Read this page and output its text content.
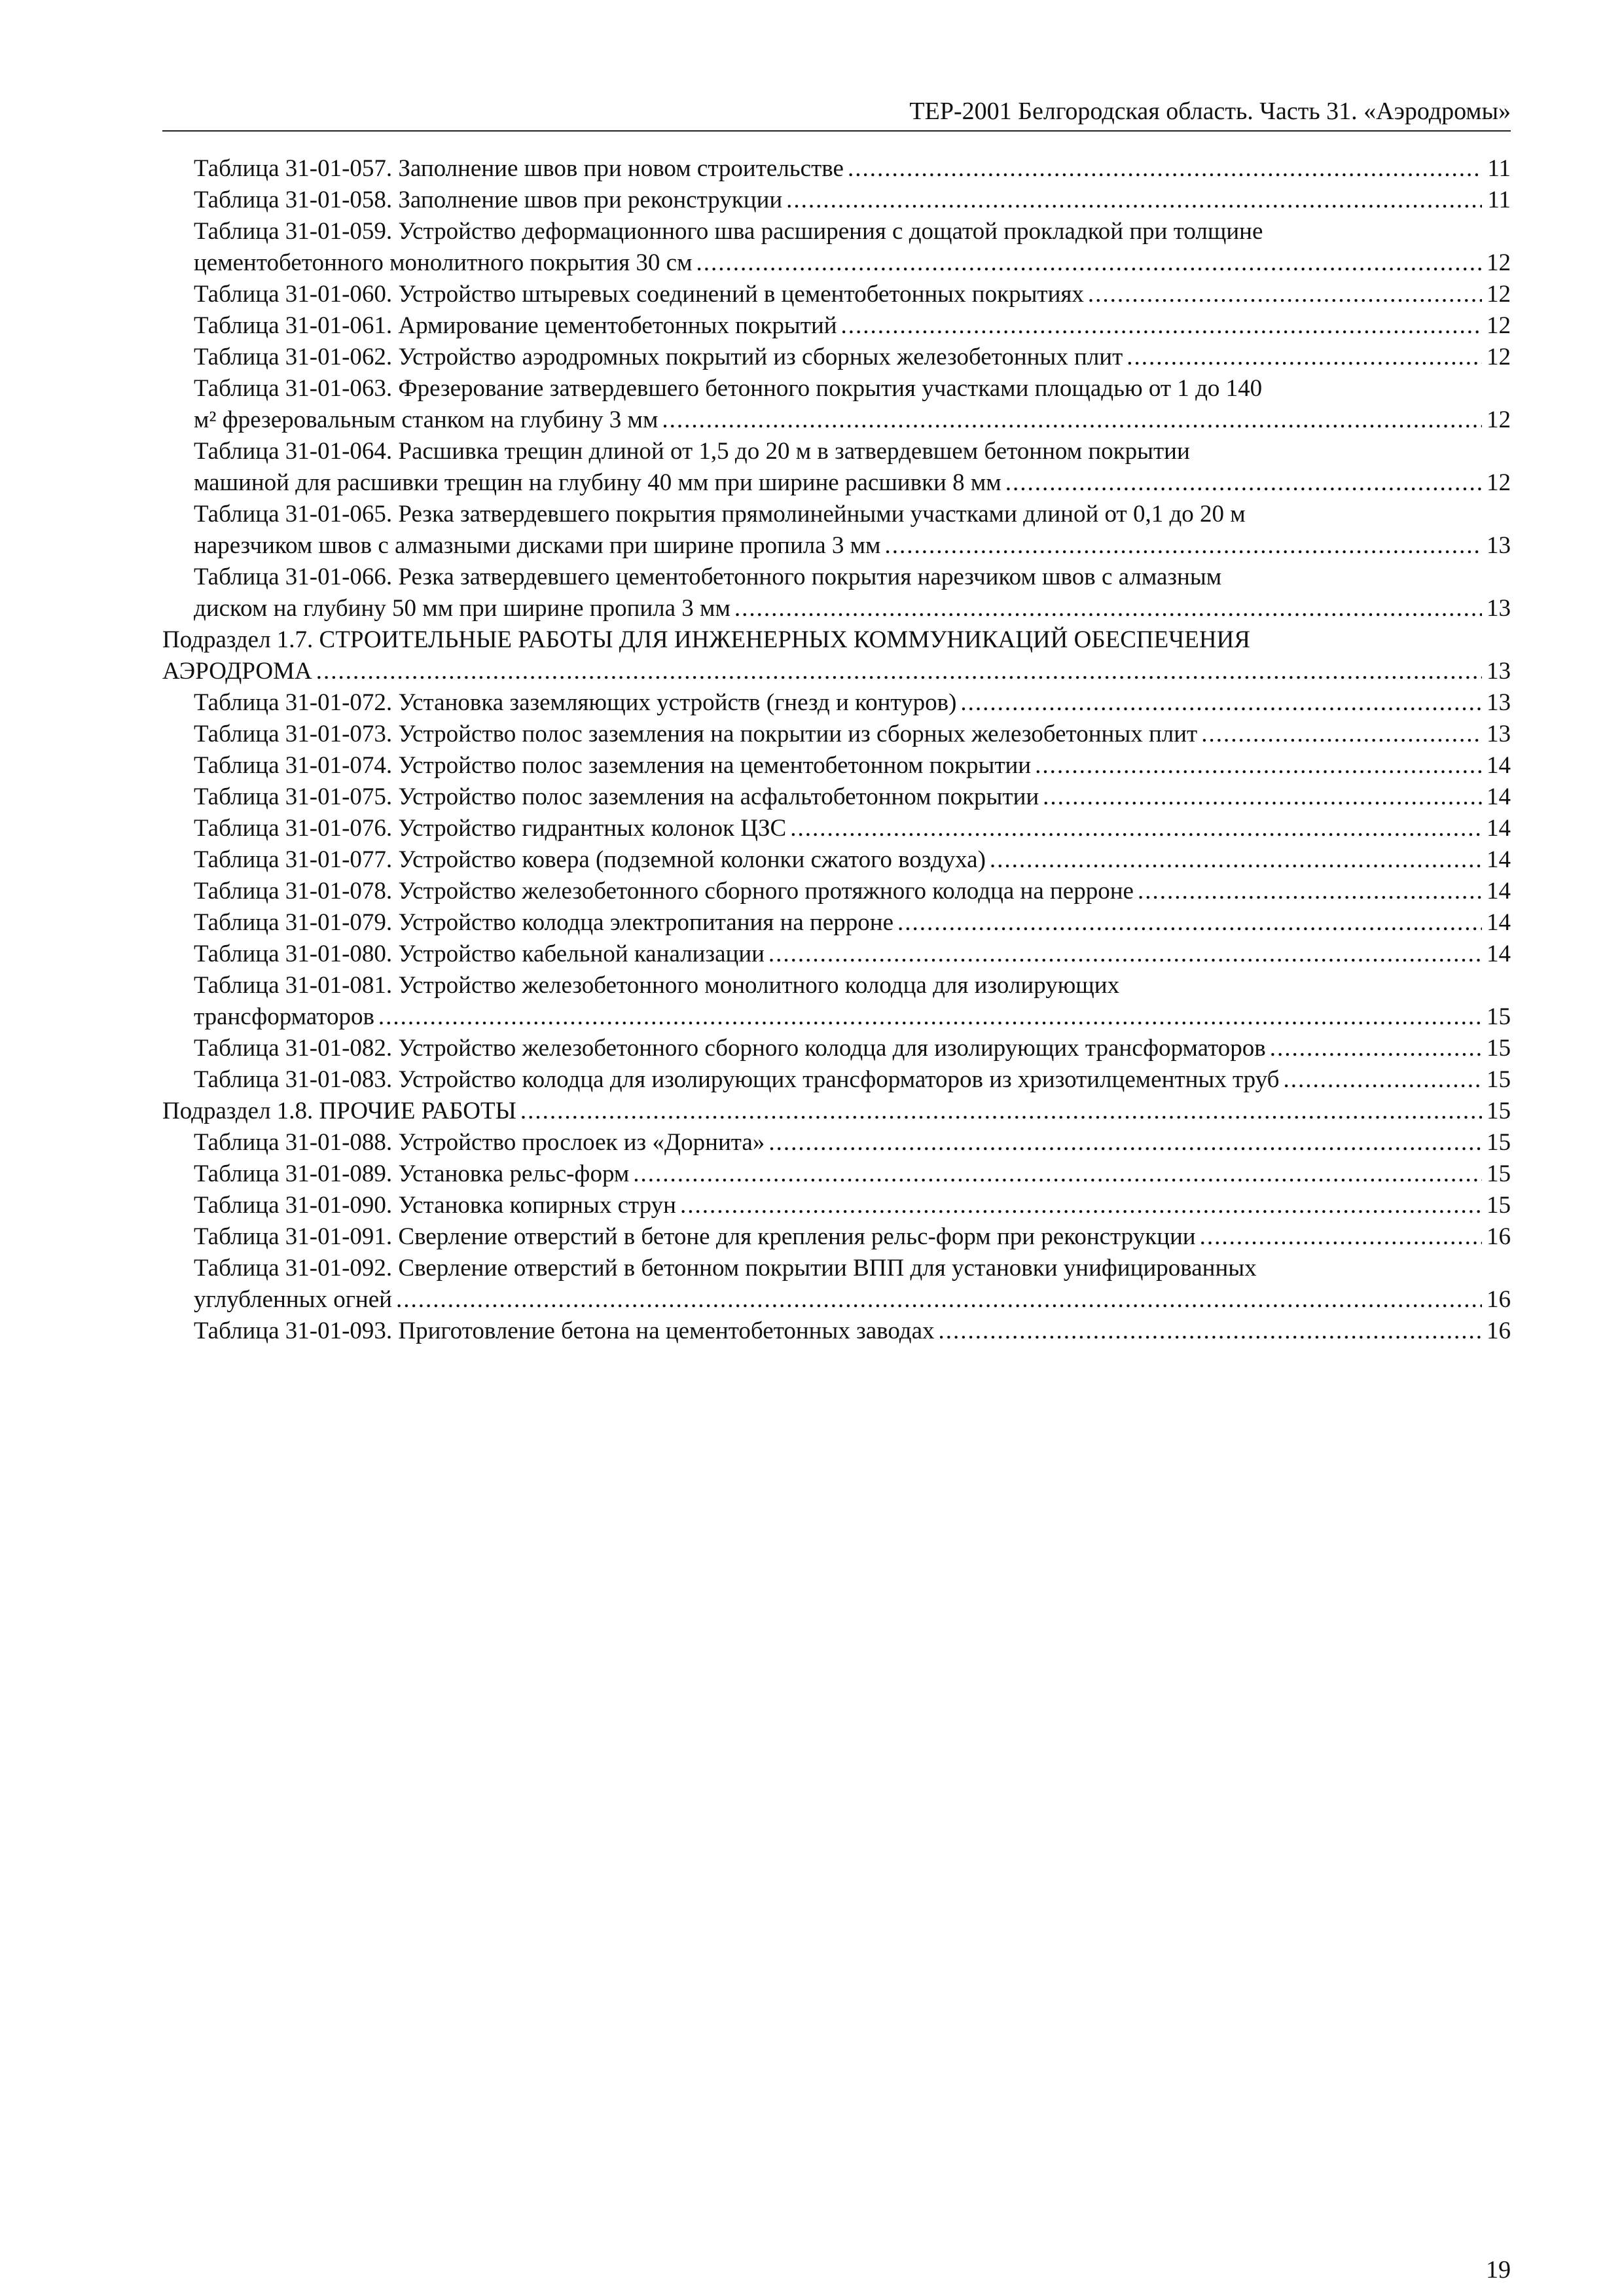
ТЕР-2001 Белгородская область. Часть 31. «Аэродромы»
Таблица 31-01-057. Заполнение швов при новом строительстве .....	11
Таблица 31-01-058. Заполнение швов при реконструкции .....	11
Таблица 31-01-059. Устройство деформационного шва расширения с дощатой прокладкой при толщине
цементобетонного монолитного покрытия 30 см .....	12
Таблица 31-01-060. Устройство штыревых соединений в цементобетонных покрытиях .....	12
Таблица 31-01-061. Армирование цементобетонных покрытий .....	12
Таблица 31-01-062. Устройство аэродромных покрытий из сборных железобетонных плит .....	12
Таблица 31-01-063. Фрезерование затвердевшего бетонного покрытия участками площадью от 1 до 140
м² фрезеровальным станком на глубину 3 мм .....	12
Таблица 31-01-064. Расшивка трещин длиной от 1,5 до 20 м в затвердевшем бетонном покрытии
машиной для расшивки трещин на глубину 40 мм при ширине расшивки 8 мм .....	12
Таблица 31-01-065. Резка затвердевшего покрытия прямолинейными участками длиной от 0,1 до 20 м
нарезчиком швов с алмазными дисками при ширине пропила 3 мм .....	13
Таблица 31-01-066. Резка затвердевшего цементобетонного покрытия нарезчиком швов с алмазным
диском на глубину 50 мм при ширине пропила 3 мм .....	13
Подраздел 1.7. СТРОИТЕЛЬНЫЕ РАБОТЫ ДЛЯ ИНЖЕНЕРНЫХ КОММУНИКАЦИЙ ОБЕСПЕЧЕНИЯ
АЭРОДРОМА .....	13
Таблица 31-01-072. Установка заземляющих устройств (гнезд и контуров) .....	13
Таблица 31-01-073. Устройство полос заземления на покрытии из сборных железобетонных плит .....	13
Таблица 31-01-074. Устройство полос заземления на цементобетонном покрытии .....	14
Таблица 31-01-075. Устройство полос заземления на асфальтобетонном покрытии .....	14
Таблица 31-01-076. Устройство гидрантных колонок ЦЗС .....	14
Таблица 31-01-077. Устройство ковера (подземной колонки сжатого воздуха) .....	14
Таблица 31-01-078. Устройство железобетонного сборного протяжного колодца на перроне .....	14
Таблица 31-01-079. Устройство колодца электропитания на перроне .....	14
Таблица 31-01-080. Устройство кабельной канализации .....	14
Таблица 31-01-081. Устройство железобетонного монолитного колодца для изолирующих
трансформаторов .....	15
Таблица 31-01-082. Устройство железобетонного сборного колодца для изолирующих трансформаторов .....	15
Таблица 31-01-083. Устройство колодца для изолирующих трансформаторов из хризотилцементных труб .....	15
Подраздел 1.8. ПРОЧИЕ РАБОТЫ .....	15
Таблица 31-01-088. Устройство прослоек из «Дорнита» .....	15
Таблица 31-01-089. Установка рельс-форм .....	15
Таблица 31-01-090. Установка копирных струн .....	15
Таблица 31-01-091. Сверление отверстий в бетоне для крепления рельс-форм при реконструкции .....	16
Таблица 31-01-092. Сверление отверстий в бетонном покрытии ВПП для установки унифицированных
углубленных огней .....	16
Таблица 31-01-093. Приготовление бетона на цементобетонных заводах .....	16
19
